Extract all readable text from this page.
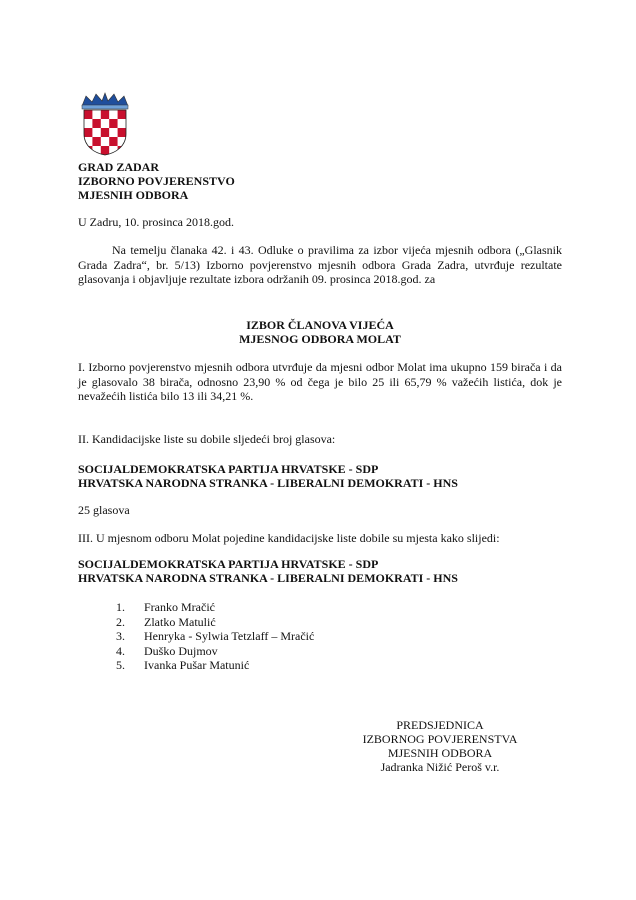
GRAD ZADAR
IZBORNO POVJERENSTVO
MJESNIH ODBORA
U Zadru, 10. prosinca 2018.god.
Na temelju članaka 42. i 43. Odluke o pravilima za izbor vijeća mjesnih odbora („Glasnik Grada Zadra“, br. 5/13) Izborno povjerenstvo mjesnih odbora Grada Zadra, utvrđuje rezultate glasovanja i objavljuje rezultate izbora održanih 09. prosinca 2018.god. za
IZBOR ČLANOVA VIJEĆA
MJESNOG ODBORA MOLAT
I. Izborno povjerenstvo mjesnih odbora utvrđuje da mjesni odbor Molat ima ukupno 159 birača i da je glasovalo 38 birača, odnosno 23,90 % od čega je bilo 25 ili 65,79 % važećih listića, dok je nevažećih listića bilo 13 ili 34,21 %.
II. Kandidacijske liste su dobile sljedeći broj glasova:
SOCIJALDEMOKRATSKA PARTIJA HRVATSKE - SDP
HRVATSKA NARODNA STRANKA - LIBERALNI DEMOKRATI - HNS
25 glasova
III. U mjesnom odboru Molat pojedine kandidacijske liste dobile su mjesta kako slijedi:
SOCIJALDEMOKRATSKA PARTIJA HRVATSKE - SDP
HRVATSKA NARODNA STRANKA - LIBERALNI DEMOKRATI - HNS
1. Franko Mračić
2. Zlatko Matulić
3. Henryka - Sylwia Tetzlaff – Mračić
4. Duško Dujmov
5. Ivanka Pušar Matunić
PREDSJEDNICA
IZBORNOG POVJERENSTVA
MJESNIH ODBORA
Jadranka Nižić Peroš v.r.
